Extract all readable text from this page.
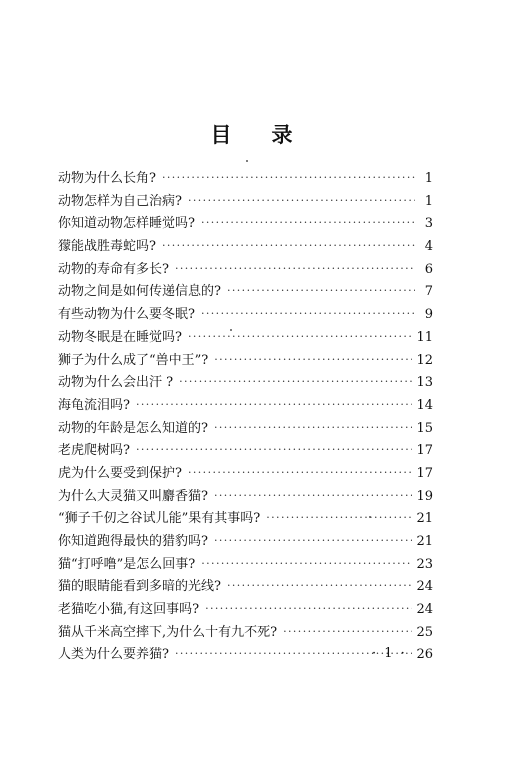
目 录
动物为什么长角? ·····	1
动物怎样为自己治病? ·····	1
你知道动物怎样睡觉吗? ·····	3
獴能战胜毒蛇吗? ·····	4
动物的寿命有多长? ·····	6
动物之间是如何传递信息的? ·····	7
有些动物为什么要冬眠? ·····	9
动物冬眠是在睡觉吗? ·····	11
狮子为什么成了“兽中王”? ·····	12
动物为什么会出汗 ? ·····	13
海龟流泪吗? ·····	14
动物的年龄是怎么知道的? ·····	15
老虎爬树吗? ·····	17
虎为什么要受到保护? ·····	17
为什么大灵猫又叫麝香猫? ·····	19
“狮子千仞之谷试儿能”果有其事吗? ·····	21
你知道跑得最快的猎豹吗? ·····	21
猫“打呼噜”是怎么回事? ·····	23
猫的眼睛能看到多暗的光线? ·····	24
老猫吃小猫,有这回事吗? ·····	24
猫从千米高空摔下,为什么十有九不死? ·····	25
人类为什么要养猫? ·····	26
· 1 ·
